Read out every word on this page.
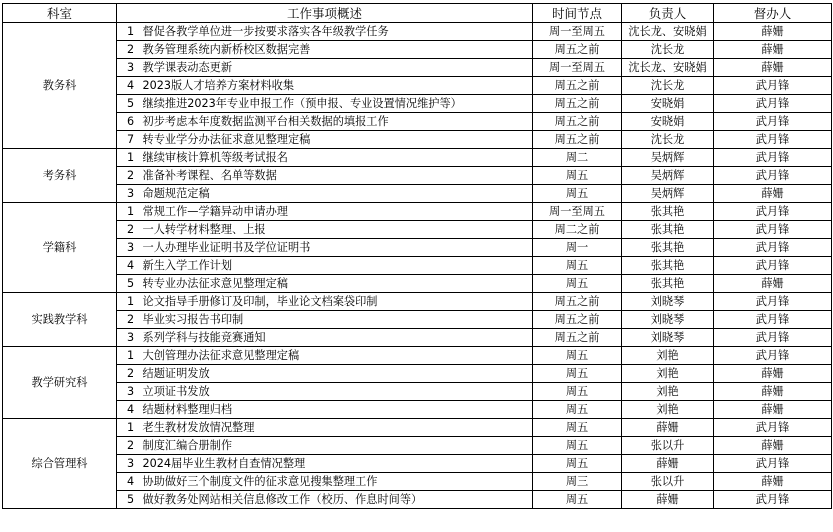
科室	工作事项概述		时间节点	负责人	督办人
教务科	1	督促各教学单位进一步按要求落实各年级教学任务	周一至周五	沈长龙、安晓娟	薛姗
	2	教务管理系统内新桥校区数据完善	周五之前	沈长龙	薛姗
	3	教学课表动态更新	周一至周五	沈长龙、安晓娟	薛姗
	4	2023版人才培养方案材料收集	周五之前	沈长龙	武月锋
	5	继续推进2023年专业申报工作（预申报、专业设置情况维护等）	周五之前	安晓娟	武月锋
	6	初步考虑本年度数据监测平台相关数据的填报工作	周五之前	安晓娟	武月锋
	7	转专业学分办法征求意见整理定稿	周五之前	沈长龙	武月锋
考务科	1	继续审核计算机等级考试报名	周二	吴炳辉	武月锋
	2	准备补考课程、名单等数据	周五	吴炳辉	武月锋
	3	命题规范定稿	周五	吴炳辉	薛姗
学籍科	1	常规工作—学籍异动申请办理	周一至周五	张其艳	武月锋
	2	一人转学材料整理、上报	周二之前	张其艳	武月锋
	3	一人办理毕业证明书及学位证明书	周一	张其艳	武月锋
	4	新生入学工作计划	周五	张其艳	武月锋
	5	转专业办法征求意见整理定稿	周五	张其艳	薛姗
实践教学科	1	论文指导手册修订及印制，毕业论文档案袋印制	周五之前	刘晓琴	武月锋
	2	毕业实习报告书印制	周五之前	刘晓琴	武月锋
	3	系列学科与技能竞赛通知	周五之前	刘晓琴	武月锋
教学研究科	1	大创管理办法征求意见整理定稿	周五	刘艳	武月锋
	2	结题证明发放	周五	刘艳	薛姗
	3	立项证书发放	周五	刘艳	薛姗
	4	结题材料整理归档	周五	刘艳	薛姗
综合管理科	1	老生教材发放情况整理	周五	薛姗	武月锋
	2	制度汇编合册制作	周五	张以升	薛姗
	3	2024届毕业生教材自查情况整理	周五	薛姗	武月锋
	4	协助做好三个制度文件的征求意见搜集整理工作	周三	张以升	薛姗
	5	做好教务处网站相关信息修改工作（校历、作息时间等）	周五	薛姗	武月锋
